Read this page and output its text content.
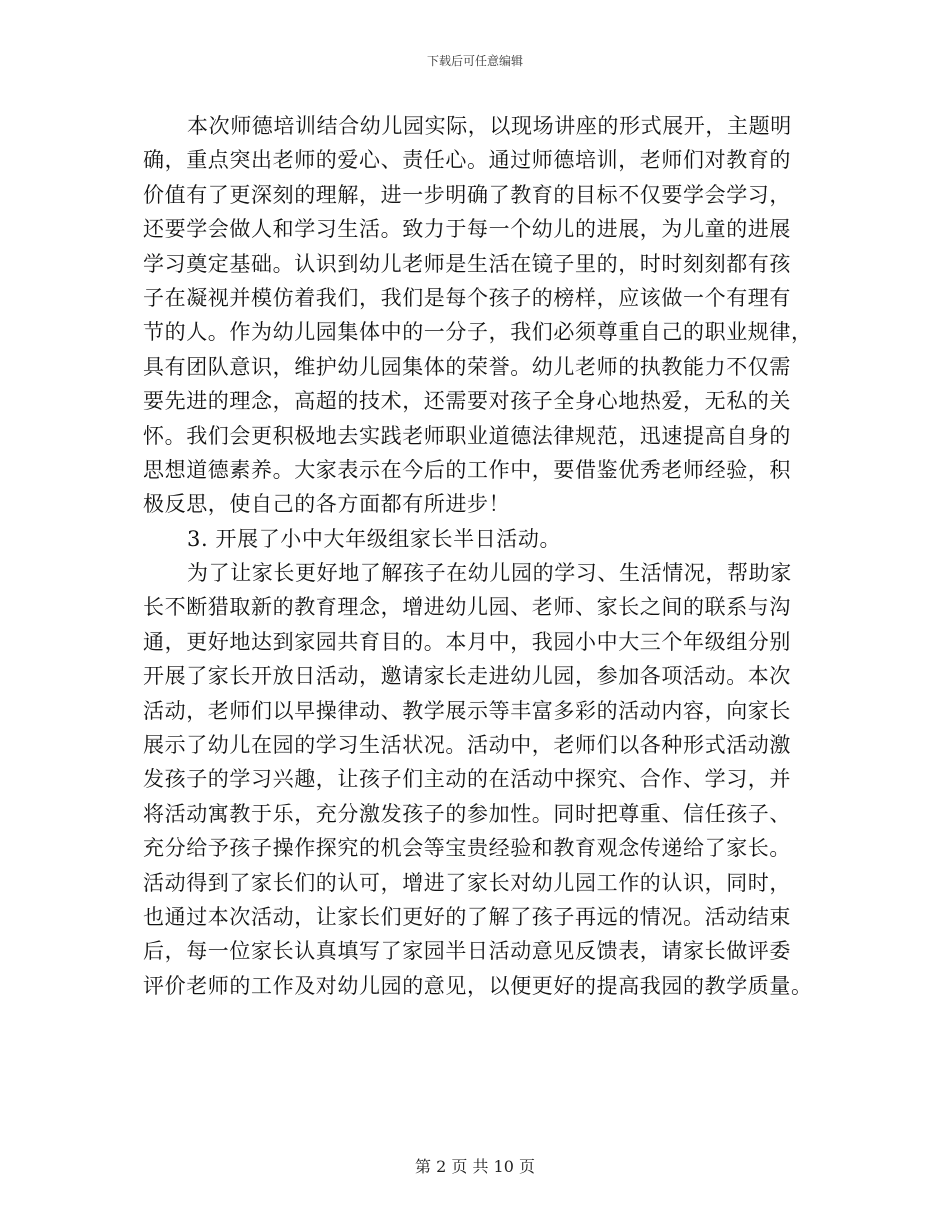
下载后可任意编辑
本次师德培训结合幼儿园实际，以现场讲座的形式展开，主题明
确，重点突出老师的爱心、责任心。通过师德培训，老师们对教育的
价值有了更深刻的理解，进一步明确了教育的目标不仅要学会学习，
还要学会做人和学习生活。致力于每一个幼儿的进展，为儿童的进展
学习奠定基础。认识到幼儿老师是生活在镜子里的，时时刻刻都有孩
子在凝视并模仿着我们，我们是每个孩子的榜样，应该做一个有理有
节的人。作为幼儿园集体中的一分子，我们必须尊重自己的职业规律，
具有团队意识，维护幼儿园集体的荣誉。幼儿老师的执教能力不仅需
要先进的理念，高超的技术，还需要对孩子全身心地热爱，无私的关
怀。我们会更积极地去实践老师职业道德法律规范，迅速提高自身的
思想道德素养。大家表示在今后的工作中，要借鉴优秀老师经验，积
极反思，使自己的各方面都有所进步！
3. 开展了小中大年级组家长半日活动。
为了让家长更好地了解孩子在幼儿园的学习、生活情况，帮助家
长不断猎取新的教育理念，增进幼儿园、老师、家长之间的联系与沟
通，更好地达到家园共育目的。本月中，我园小中大三个年级组分别
开展了家长开放日活动，邀请家长走进幼儿园，参加各项活动。本次
活动，老师们以早操律动、教学展示等丰富多彩的活动内容，向家长
展示了幼儿在园的学习生活状况。活动中，老师们以各种形式活动激
发孩子的学习兴趣，让孩子们主动的在活动中探究、合作、学习，并
将活动寓教于乐，充分激发孩子的参加性。同时把尊重、信任孩子、
充分给予孩子操作探究的机会等宝贵经验和教育观念传递给了家长。
活动得到了家长们的认可，增进了家长对幼儿园工作的认识，同时，
也通过本次活动，让家长们更好的了解了孩子再远的情况。活动结束
后，每一位家长认真填写了家园半日活动意见反馈表，请家长做评委
评价老师的工作及对幼儿园的意见，以便更好的提高我园的教学质量。
第 2 页 共 10 页
